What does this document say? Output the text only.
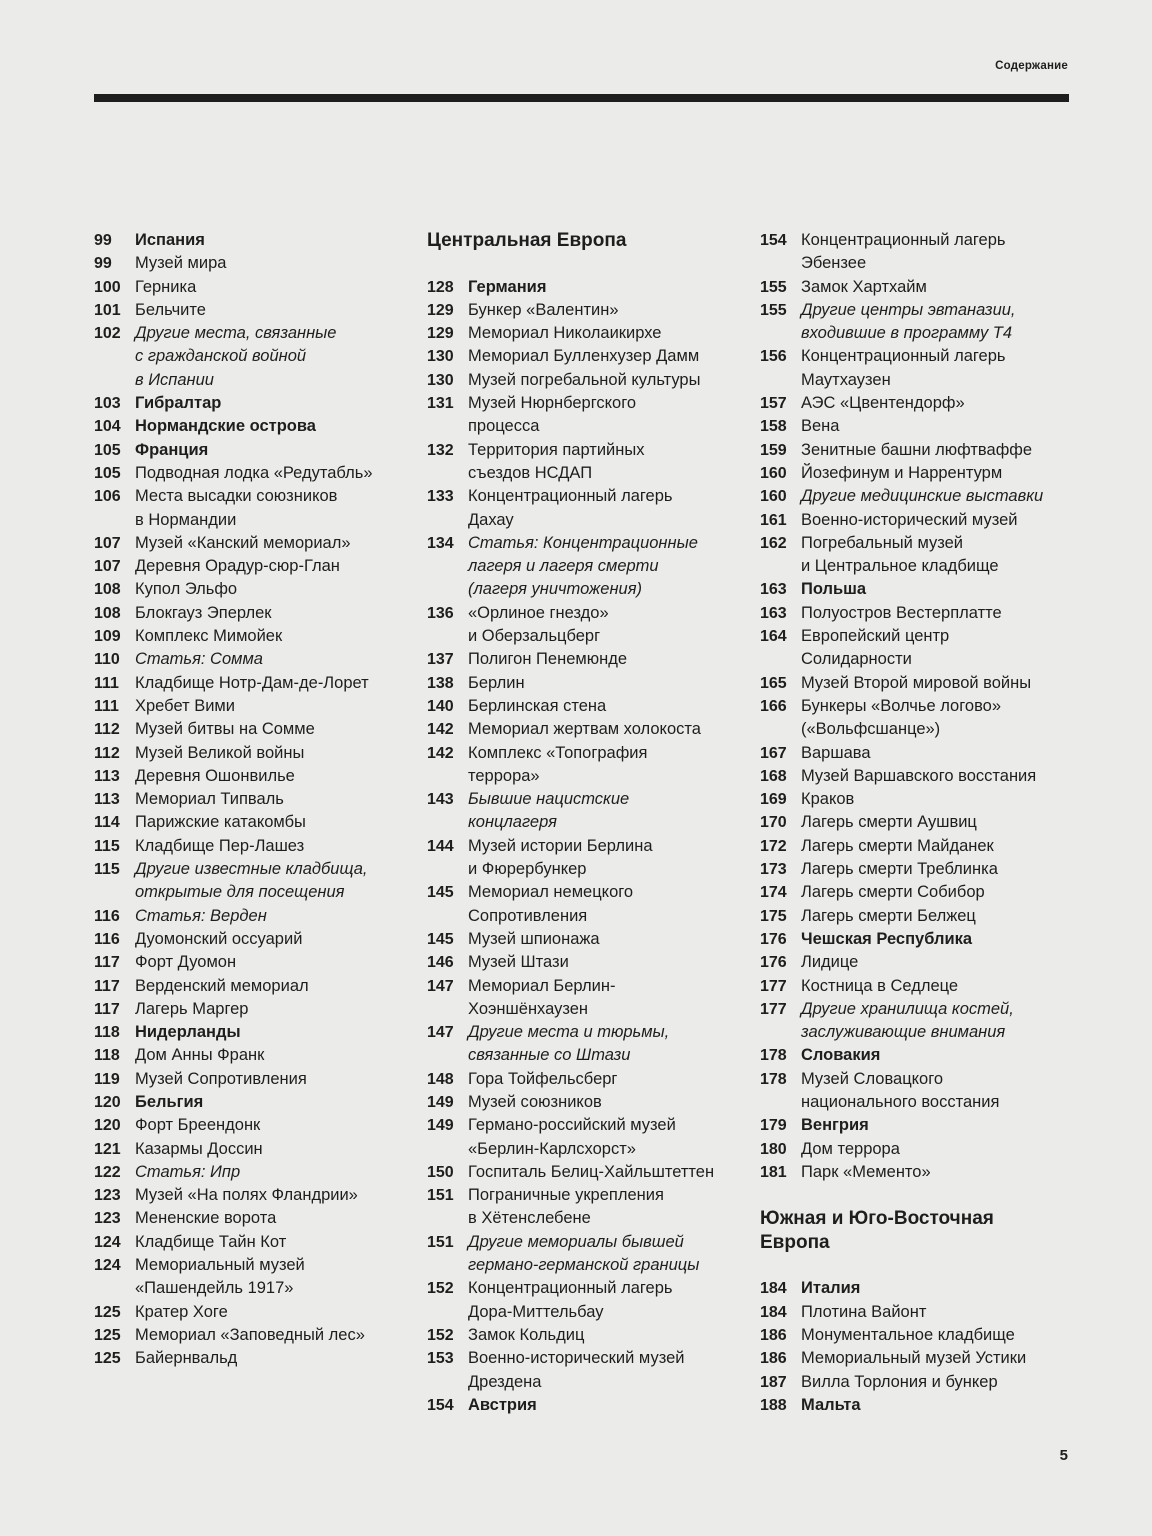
Содержание
99	Испания
99	Музей мира
100 Герника
101 Бельчите
102 Другие места, связанные
с гражданской войной
в Испании
103 Гибралтар
104 Нормандские острова
105 Франция
105 Подводная лодка «Редутабль»
106 Места высадки союзников
в Нормандии
107 Музей «Канский мемориал»
107 Деревня Орадур-сюр-Глан
108 Купол Эльфо
108 Блокгауз Эперлек
109 Комплекс Мимойек
110 Статья: Сомма
111 Кладбище Нотр-Дам-де-Лорет
111 Хребет Вими
112 Музей битвы на Сомме
112 Музей Великой войны
113 Деревня Ошонвиль​е
113 Мемориал Типваль
114 Парижские катакомбы
115 Кладбище Пер-Лашез
115 Другие известные кладбища,
открытые для посещения
116 Статья: Верден
116 Дуомонский оссуарий
117 Форт Дуомон
117 Верденский мемориал
117 Лагерь Маргер
118 Нидерланды
118 Дом Анны Франк
119 Музей Сопротивления
120 Бельгия
120 Форт Бреендонк
121 Казармы Доссин
122 Статья: Ипр
123 Музей «На полях Фландрии»
123 Мененские ворота
124 Кладбище Тайн Кот
124 Мемориальный музей
«Пашендейль 1917»
125 Кратер Хоге
125 Мемориал «Заповедный лес»
125 Байернвальд
Центральная Европа
128 Германия
129 Бункер «Валентин»
129 Мемориал Николаикирхе
130 Мемориал Булленхузер Дамм
130 Музей погребальной культуры
131 Музей Нюрнбергского
процесса
132 Территория партийных
съездов НСДАП
133 Концентрационный лагерь
Дахау
134 Статья: Концентрационные
лагеря и лагеря смерти
(лагеря уничтожения)
136 «Орлиное гнездо»
и Оберзальцберг
137 Полигон Пенемюнде
138 Берлин
140 Берлинская стена
142 Мемориал жертвам холокоста
142 Комплекс «Топография
террора»
143 Бывшие нацистские
концлагеря
144 Музей истории Берлина
и Фюрербункер
145 Мемориал немецкого
Сопротивления
145 Музей шпионажа
146 Музей Штази
147 Мемориал Берлин-
Хоэншёнхаузен
147 Другие места и тюрьмы,
связанные со Штази
148 Гора Тойфельсберг
149 Музей союзников
149 Германо-российский музей
«Берлин-Карлсхорст»
150 Госпиталь Белиц-Хайльштеттен
151 Пограничные укрепления
в Хётенслебене
151 Другие мемориалы бывшей
германо-германской границы
152 Концентрационный лагерь
Дора-Миттельбау
152 Замок Кольдиц
153 Военно-исторический музей
Дрездена
154 Австрия
154 Концентрационный лагерь
Эбензее
155 Замок Хартхайм
155 Другие центры эвтаназии,
входившие в программу Т4
156 Концентрационный лагерь
Маутхаузен
157 АЭС «Цвентендорф»
158 Вена
159 Зенитные башни люфтваффе
160 Йозефинум и Наррентурм
160 Другие медицинские выставки
161 Военно-исторический музей
162 Погребальный музей
и Центральное кладбище
163 Польша
163 Полуостров Вестерплатте
164 Европейский центр
Солидарности
165 Музей Второй мировой войны
166 Бункеры «Волчье логово»
(«Вольфсшанце»)
167 Варшава
168 Музей Варшавского восстания
169 Краков
170 Лагерь смерти Аушвиц
172 Лагерь смерти Майданек
173 Лагерь смерти Треблинка
174 Лагерь смерти Собибор
175 Лагерь смерти Белжец
176 Чешская Республика
176 Лидице
177 Костница в Седлеце
177 Другие хранилища костей,
заслуживающие внимания
178 Словакия
178 Музей Словацкого
национального восстания
179 Венгрия
180 Дом террора
181 Парк «Мементо»
Южная и Юго-Восточная
Европа
184 Италия
184 Плотина Вайонт
186 Монументальное кладбище
186 Мемориальный музей Устики
187 Вилла Торлония и бункер
188 Мальта
5
